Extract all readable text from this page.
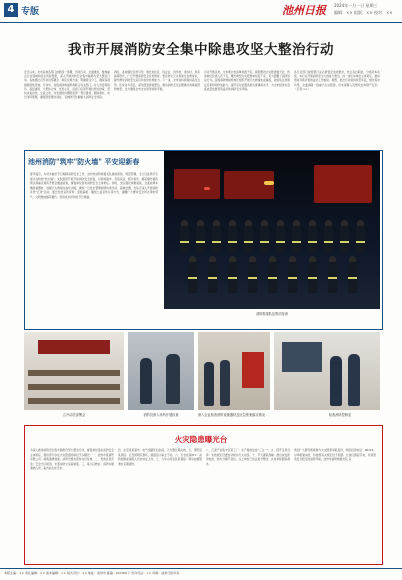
4 专版	池州日报 2024年一月一日 星期三
编辑：×× 组版：×× 校对：××
我市开展消防安全集中除患攻坚大整治行动
近日以来，全市各地各部门按照统一部署，迅速行动、全面推进，聚焦重点行业领域和突出风险隐患，深入开展消防安全集中除患攻坚大整治行动。各地通过召开动员部署会、制定实施方案、明确责任分工，确保各项措施落地见效。行动中，各级消防救援机构联合有关部门，对人员密集场所、高层建筑、大型综合体、老旧小区、沿街门店等开展拉网式排查，坚持边查边改、立查立改，对发现的问题隐患逐一登记建档、跟踪督办，实行闭环管理，确保隐患整改到位，有效防范化解重大消防安全风险。
同时，各地强化宣传引导，通过进社区、进企业、进学校、进农村、进家庭等形式，广泛开展消防安全宣传教育，普及防火灭火和逃生自救常识，提升群众消防安全意识和自防自救能力。下一步，全市将持续保持高压态势，压实各方责任，深化隐患排查整治，推动消防安全治理模式向事前预防转型，全力确保全市火灾形势持续平稳。
行动开展以来，全市累计检查单位数千家，督促整改火灾隐患数千处，约谈单位负责人若干名，曝光典型火灾隐患单位若干家，有力震慑了消防违法行为。各级消防救援机构还组织开展灭火救援实战演练，检验队伍快速反应和协同作战能力，提升应对处置各类灾害事故水平，为全市经济社会高质量发展营造良好的消防安全环境。
各行业部门按照管行业必须管安全的要求，结合各自职能，分别对本系统、本行业开展消防安全大排查大整治，进一步压实单位主体责任，推动形成齐抓共管的良好工作格局。据悉，此次行动将持续至年底，通过集中攻坚，全面消除一批重大火灾隐患，切实保障人民群众生命财产安全。（记者 ××）
池州消防"筑牢"防火墙" 平安迎新春
春节临近，为切实做好节日期间消防安全工作，池州市消防救援支队提前谋划、周密部署，全力以赴筑牢冬春火灾防控"防火墙"。支队组织开展节前消防安全检查，对商场超市、宾馆饭店、娱乐场所、烟花爆竹销售网点等重点场所开展全覆盖检查，督促单位落实消防安全主体责任。同时，支队强化执勤备战，全面检修车辆装备器材，加强灭火救援实战化训练，确保一旦发生警情能够快速出动、高效处置。支队还深入开展消防宣传"五进"活动，通过发放宣传资料、张贴海报、播放公益宣传片等方式，提醒广大群众安全用火用电用气、文明燃放烟花爆竹，营造欢乐祥和的节日氛围。
消防救援队伍集结待命
召开动员部署会	消防员深入场所开展检查	深入企业检查消防设施器材及应急预案落实情况	检查消防控制室
火灾隐患曝光台
为深入推进消防安全集中除患攻坚大整治行动，督促单位落实消防安全主体责任，现将部分存在火灾隐患的单位予以曝光：一、池州市某商贸有限公司：疏散通道堵塞，消防设施未保持完好有效。二、贵池区某宾馆：安全出口锁闭，未落实防火巡查制度。三、某小区物业：消防车通道被占用，室内消火栓无水。
四、东至县某超市：电气线路私拉乱接，灭火器过期失效。五、青阳县某酒店：应急照明灯损坏，疏散指示标志不亮。六、石台县某KTV：消防控制室值班人员未持证上岗。七、九华山风景区某餐馆：厨房油烟管道未定期清洗。
八、江南产业集中区某工厂：生产储存住宿"三合一"。九、经开区某仓库：未按规定设置自动喷水灭火系统。十、平天湖某商铺：擅自改变使用性质，防火分隔不到位。以上单位已依法责令整改，并将持续跟踪督办。
欢迎广大群众积极参与火灾隐患举报投诉，举报投诉电话：96119。对举报属实的，将按照有关规定给予奖励。让我们携起手来，共同营造安全稳定的消防环境。池州市消防救援支队 宣
本版主编：×× 责任编辑：×× 美术编辑：×× 版式设计：×× 地址：池州市 邮编：247000 广告许可证：×× 印刷：池州日报印务
